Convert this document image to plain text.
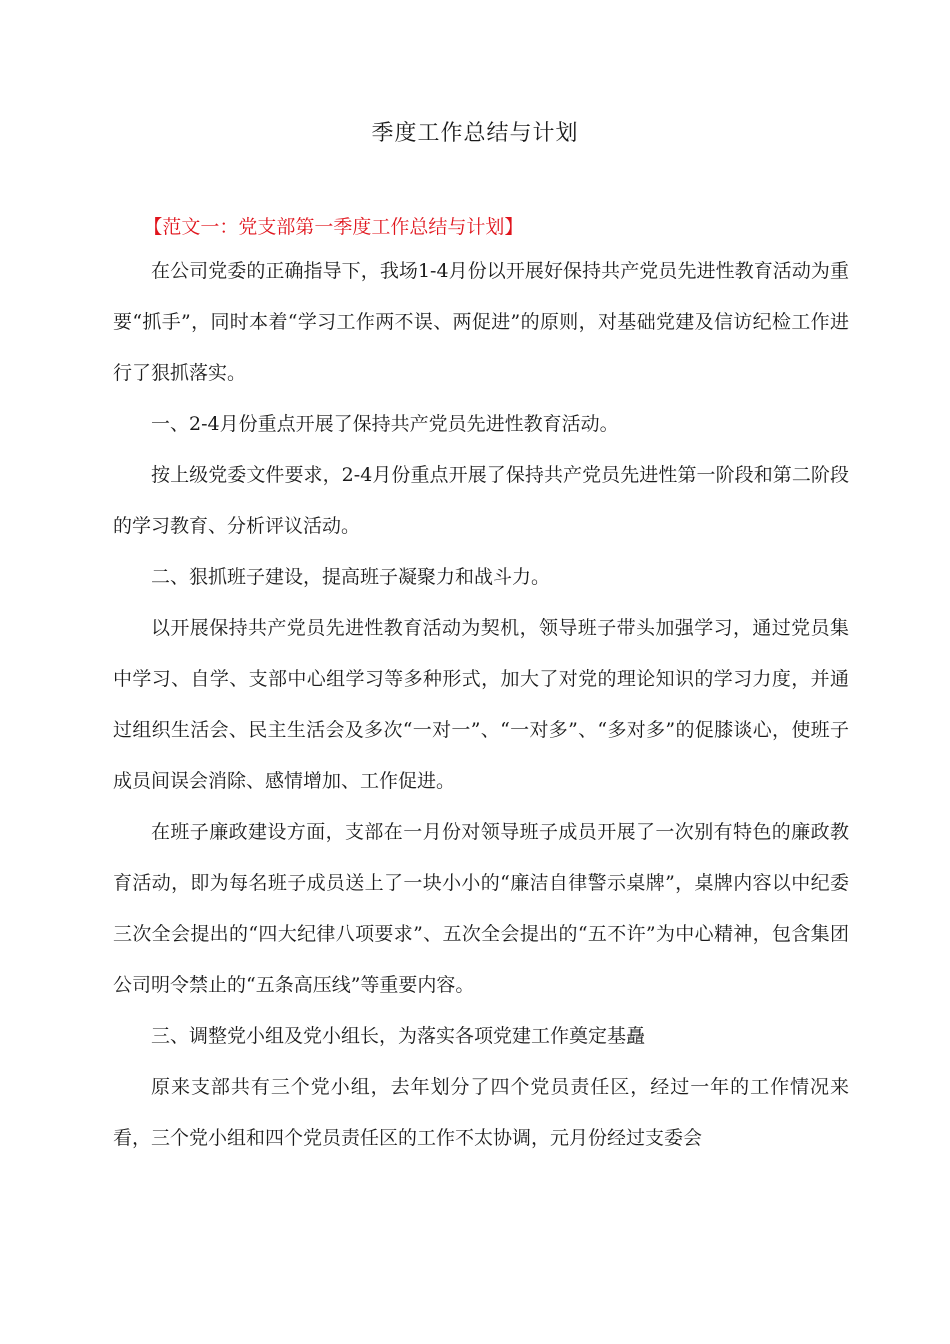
季度工作总结与计划

【范文一：党支部第一季度工作总结与计划】

在公司党委的正确指导下，我场1-4月份以开展好保持共产党员先进性教育活动为重要“抓手”，同时本着“学习工作两不误、两促进”的原则，对基础党建及信访纪检工作进行了狠抓落实。

一、2-4月份重点开展了保持共产党员先进性教育活动。

按上级党委文件要求，2-4月份重点开展了保持共产党员先进性第一阶段和第二阶段的学习教育、分析评议活动。

二、狠抓班子建设，提高班子凝聚力和战斗力。

以开展保持共产党员先进性教育活动为契机，领导班子带头加强学习，通过党员集中学习、自学、支部中心组学习等多种形式，加大了对党的理论知识的学习力度，并通过组织生活会、民主生活会及多次“一对一”、“一对多”、“多对多”的促膝谈心，使班子成员间误会消除、感情增加、工作促进。

在班子廉政建设方面，支部在一月份对领导班子成员开展了一次别有特色的廉政教育活动，即为每名班子成员送上了一块小小的“廉洁自律警示桌牌”，桌牌内容以中纪委三次全会提出的“四大纪律八项要求”、五次全会提出的“五不许”为中心精神，包含集团公司明令禁止的“五条高压线”等重要内容。

三、调整党小组及党小组长，为落实各项党建工作奠定基矗

原来支部共有三个党小组，去年划分了四个党员责任区，经过一年的工作情况来看，三个党小组和四个党员责任区的工作不太协调，元月份经过支委会
